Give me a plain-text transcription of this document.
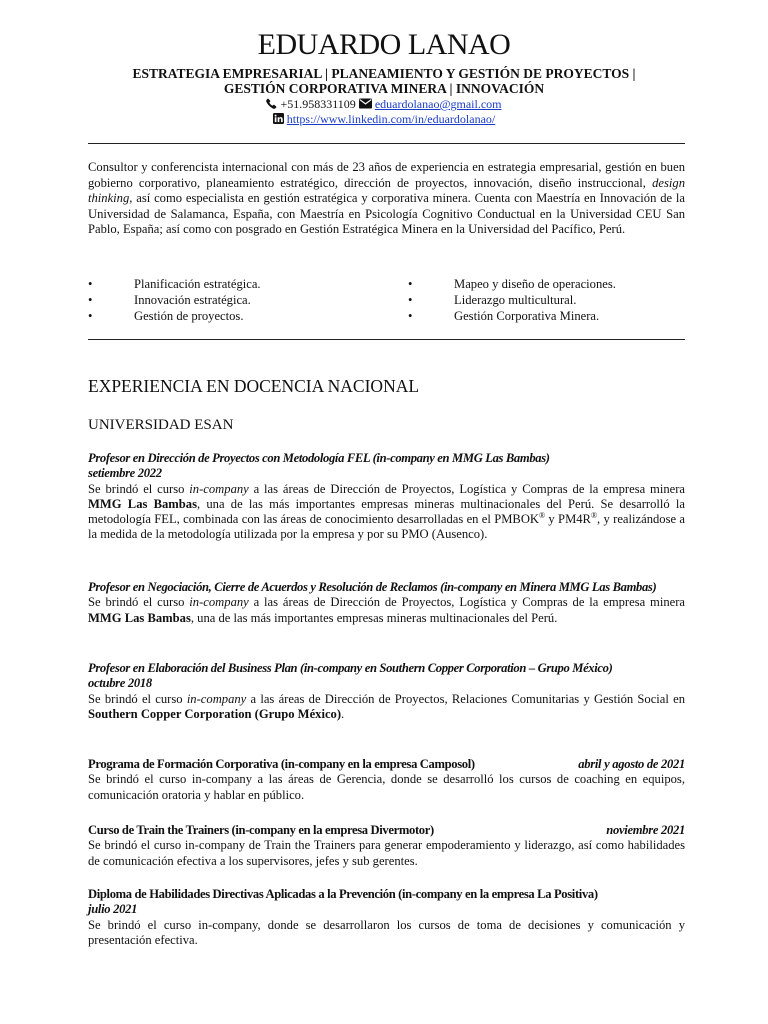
EDUARDO LANAO
ESTRATEGIA EMPRESARIAL | PLANEAMIENTO Y GESTIÓN DE PROYECTOS |
GESTIÓN CORPORATIVA MINERA | INNOVACIÓN
+51.958331109 eduardolanao@gmail.com
https://www.linkedin.com/in/eduardolanao/
Consultor y conferencista internacional con más de 23 años de experiencia en estrategia empresarial, gestión en buen gobierno corporativo, planeamiento estratégico, dirección de proyectos, innovación, diseño instruccional, design thinking, así como especialista en gestión estratégica y corporativa minera. Cuenta con Maestría en Innovación de la Universidad de Salamanca, España, con Maestría en Psicología Cognitivo Conductual en la Universidad CEU San Pablo, España; así como con posgrado en Gestión Estratégica Minera en la Universidad del Pacífico, Perú.
•	Planificación estratégica.
•	Innovación estratégica.
•	Gestión de proyectos.
•	Mapeo y diseño de operaciones.
•	Liderazgo multicultural.
•	Gestión Corporativa Minera.
EXPERIENCIA EN DOCENCIA NACIONAL
UNIVERSIDAD ESAN
Profesor en Dirección de Proyectos con Metodología FEL (in-company en MMG Las Bambas)
setiembre 2022
Se brindó el curso in-company a las áreas de Dirección de Proyectos, Logística y Compras de la empresa minera MMG Las Bambas, una de las más importantes empresas mineras multinacionales del Perú. Se desarrolló la metodología FEL, combinada con las áreas de conocimiento desarrolladas en el PMBOK® y PM4R®, y realizándose a la medida de la metodología utilizada por la empresa y por su PMO (Ausenco).
Profesor en Negociación, Cierre de Acuerdos y Resolución de Reclamos (in-company en Minera MMG Las Bambas)
Se brindó el curso in-company a las áreas de Dirección de Proyectos, Logística y Compras de la empresa minera MMG Las Bambas, una de las más importantes empresas mineras multinacionales del Perú.
Profesor en Elaboración del Business Plan (in-company en Southern Copper Corporation – Grupo México)
octubre 2018
Se brindó el curso in-company a las áreas de Dirección de Proyectos, Relaciones Comunitarias y Gestión Social en Southern Copper Corporation (Grupo México).
Programa de Formación Corporativa (in-company en la empresa Camposol)	abril y agosto de 2021
Se brindó el curso in-company a las áreas de Gerencia, donde se desarrolló los cursos de coaching en equipos, comunicación oratoria y hablar en público.
Curso de Train the Trainers (in-company en la empresa Divermotor)	noviembre 2021
Se brindó el curso in-company de Train the Trainers para generar empoderamiento y liderazgo, así como habilidades de comunicación efectiva a los supervisores, jefes y sub gerentes.
Diploma de Habilidades Directivas Aplicadas a la Prevención (in-company en la empresa La Positiva)
julio 2021
Se brindó el curso in-company, donde se desarrollaron los cursos de toma de decisiones y comunicación y presentación efectiva.
